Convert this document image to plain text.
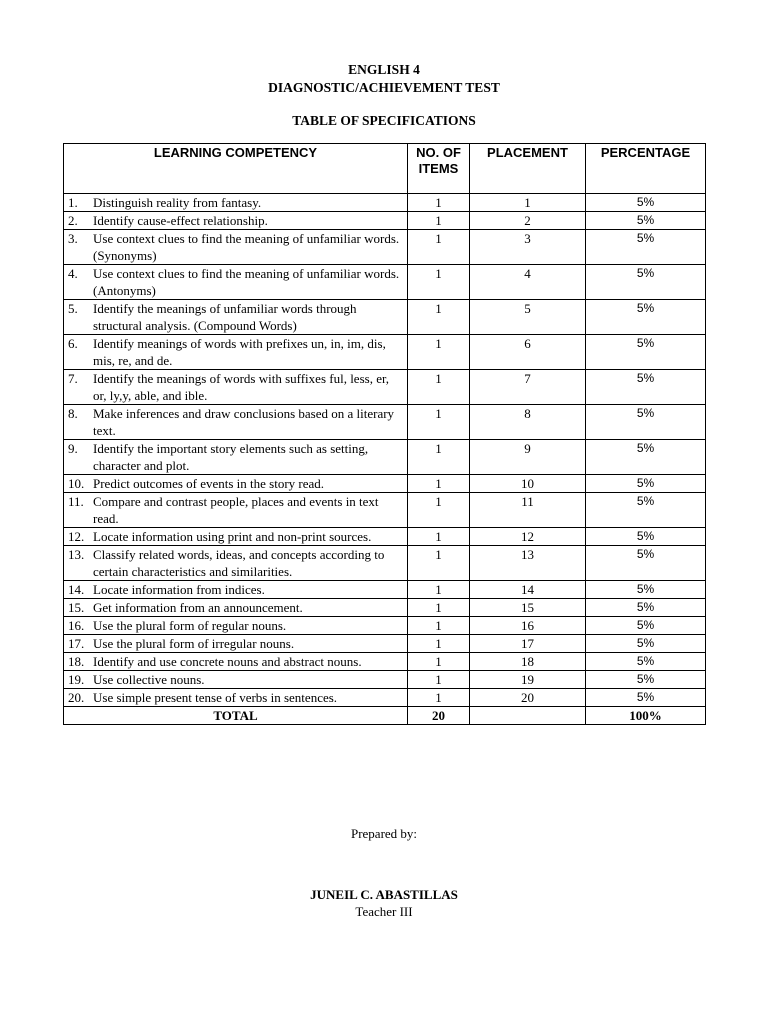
ENGLISH 4
DIAGNOSTIC/ACHIEVEMENT TEST
TABLE OF SPECIFICATIONS
LEARNING COMPETENCY	NO. OF ITEMS	PLACEMENT	PERCENTAGE

1. Distinguish reality from fantasy.	1	1	5%

2. Identify cause-effect relationship.	1	2	5%

3. Use context clues to find the meaning of unfamiliar words. (Synonyms)	1	3	5%

4. Use context clues to find the meaning of unfamiliar words. (Antonyms)	1	4	5%

5. Identify the meanings of unfamiliar words through structural analysis. (Compound Words)	1	5	5%

6. Identify meanings of words with prefixes un, in, im, dis, mis, re, and de.	1	6	5%

7. Identify the meanings of words with suffixes ful, less, er, or, ly,y, able, and ible.	1	7	5%

8. Make inferences and draw conclusions based on a literary text.	1	8	5%

9. Identify the important story elements such as setting, character and plot.	1	9	5%

10. Predict outcomes of events in the story read.	1	10	5%

11. Compare and contrast people, places and events in text read.	1	11	5%

12. Locate information using print and non-print sources.	1	12	5%

13. Classify related words, ideas, and concepts according to certain characteristics and similarities.	1	13	5%

14. Locate information from indices.	1	14	5%

15. Get information from an announcement.	1	15	5%

16. Use the plural form of regular nouns.	1	16	5%

17. Use the plural form of irregular nouns.	1	17	5%

18. Identify and use concrete nouns and abstract nouns.	1	18	5%

19. Use collective nouns.	1	19	5%

20. Use simple present tense of verbs in sentences.	1	20	5%
TOTAL	20		100%
Prepared by:
JUNEIL C. ABASTILLAS
Teacher III
